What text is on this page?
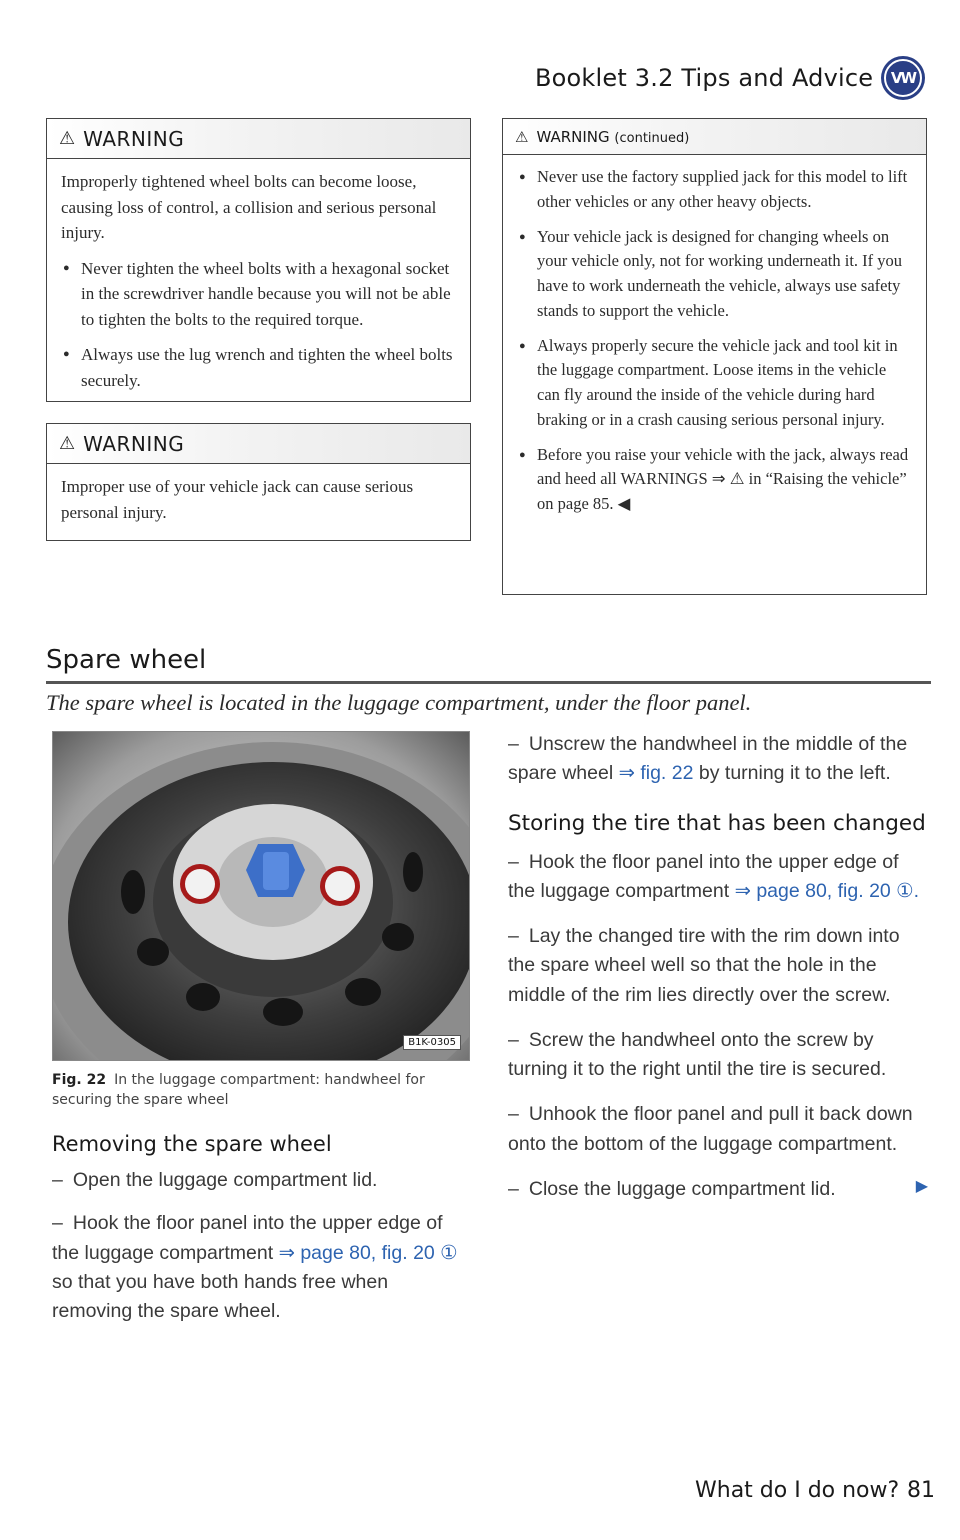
Booklet 3.2 Tips and Advice	VW
⚠ WARNING

Improperly tightened wheel bolts can become loose, causing loss of control, a collision and serious personal injury.

● Never tighten the wheel bolts with a hexagonal socket in the screwdriver handle because you will not be able to tighten the bolts to the required torque.

● Always use the lug wrench and tighten the wheel bolts securely.

⚠ WARNING

Improper use of your vehicle jack can cause serious personal injury.

⚠ WARNING (continued)

● Never use the factory supplied jack for this model to lift other vehicles or any other heavy objects.

● Your vehicle jack is designed for changing wheels on your vehicle only, not for working underneath it. If you have to work underneath the vehicle, always use safety stands to support the vehicle.

● Always properly secure the vehicle jack and tool kit in the luggage compartment. Loose items in the vehicle can fly around the inside of the vehicle during hard braking or in a crash causing serious personal injury.

● Before you raise your vehicle with the jack, always read and heed all WARNINGS ⇒ ⚠ in “Raising the vehicle” on page 85. ◀

Spare wheel
The spare wheel is located in the luggage compartment, under the floor panel.
B1K-0305
Fig. 22 In the luggage compartment: handwheel for securing the spare wheel
Removing the spare wheel
– Open the luggage compartment lid.
– Hook the floor panel into the upper edge of the luggage compartment ⇒ page 80, fig. 20 ① so that you have both hands free when removing the spare wheel.
– Unscrew the handwheel in the middle of the spare wheel ⇒ fig. 22 by turning it to the left.
Storing the tire that has been changed
– Hook the floor panel into the upper edge of the luggage compartment ⇒ page 80, fig. 20 ①.
– Lay the changed tire with the rim down into the spare wheel well so that the hole in the middle of the rim lies directly over the screw.
– Screw the handwheel onto the screw by turning it to the right until the tire is secured.
– Unhook the floor panel and pull it back down onto the bottom of the luggage compartment.
– Close the luggage compartment lid.	▶
What do I do now? 81
